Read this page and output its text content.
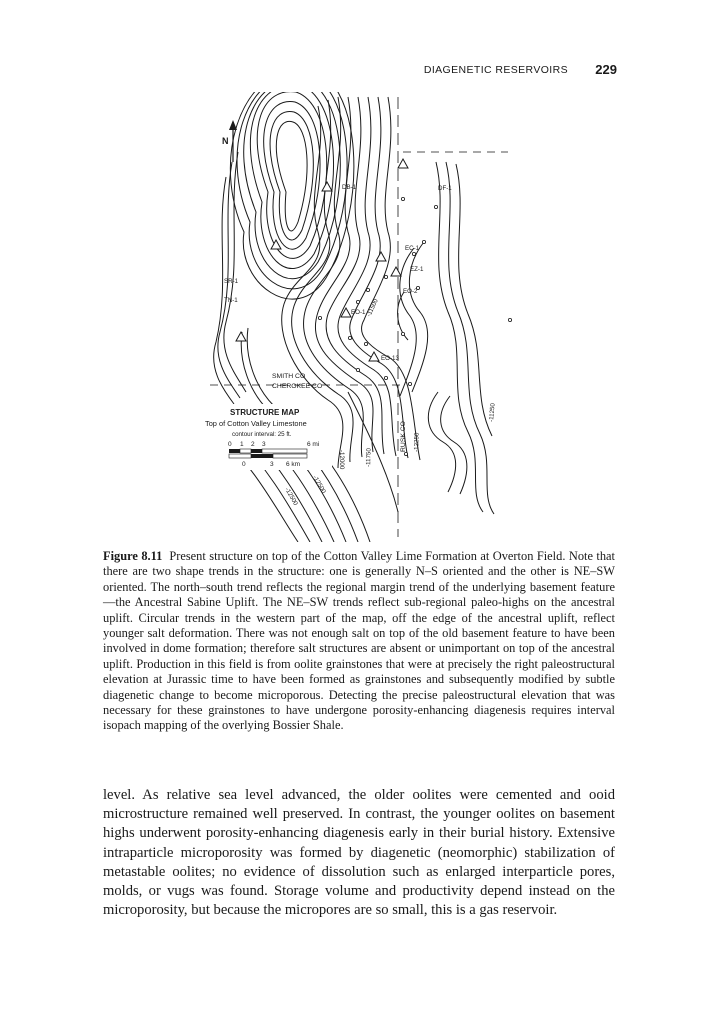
DIAGENETIC RESERVOIRS 229
N
DB-1	DF-1
EC-1
EZ-1
EO-2
EO-1
EO-13
SR-1
TN-1
SMITH CO
CHEROKEE CO
RUSK CO
-11500
-11750
-12000
-12250
-12500
-11250
-12500
STRUCTURE MAP
Top of Cotton Valley Limestone
contour interval: 25 ft.
0 1 2 3	6 mi
0	3 6 km

Figure 8.11 Present structure on top of the Cotton Valley Lime Formation at Overton Field. Note that there are two shape trends in the structure: one is generally N–S oriented and the other is NE–SW oriented. The north–south trend reflects the regional margin trend of the underlying basement feature—the Ancestral Sabine Uplift. The NE–SW trends reflect sub-regional paleo-highs on the ancestral uplift. Circular trends in the western part of the map, off the edge of the ancestral uplift, reflect younger salt deformation. There was not enough salt on top of the old basement feature to have been involved in dome formation; therefore salt structures are absent or unimportant on top of the ancestral uplift. Production in this field is from oolite grainstones that were at precisely the right paleostructural elevation at Jurassic time to have been formed as grainstones and subsequently modified by subtle diagenetic change to become microporous. Detecting the precise paleostructural elevation that was necessary for these grainstones to have undergone porosity-enhancing diagenesis requires interval isopach mapping of the overlying Bossier Shale.

level. As relative sea level advanced, the older oolites were cemented and ooid microstructure remained well preserved. In contrast, the younger oolites on basement highs underwent porosity-enhancing diagenesis early in their burial history. Extensive intraparticle microporosity was formed by diagenetic (neomorphic) stabilization of metastable oolites; no evidence of dissolution such as enlarged interparticle pores, molds, or vugs was found. Storage volume and productivity depend instead on the microporosity, but because the micropores are so small, this is a gas reservoir.
